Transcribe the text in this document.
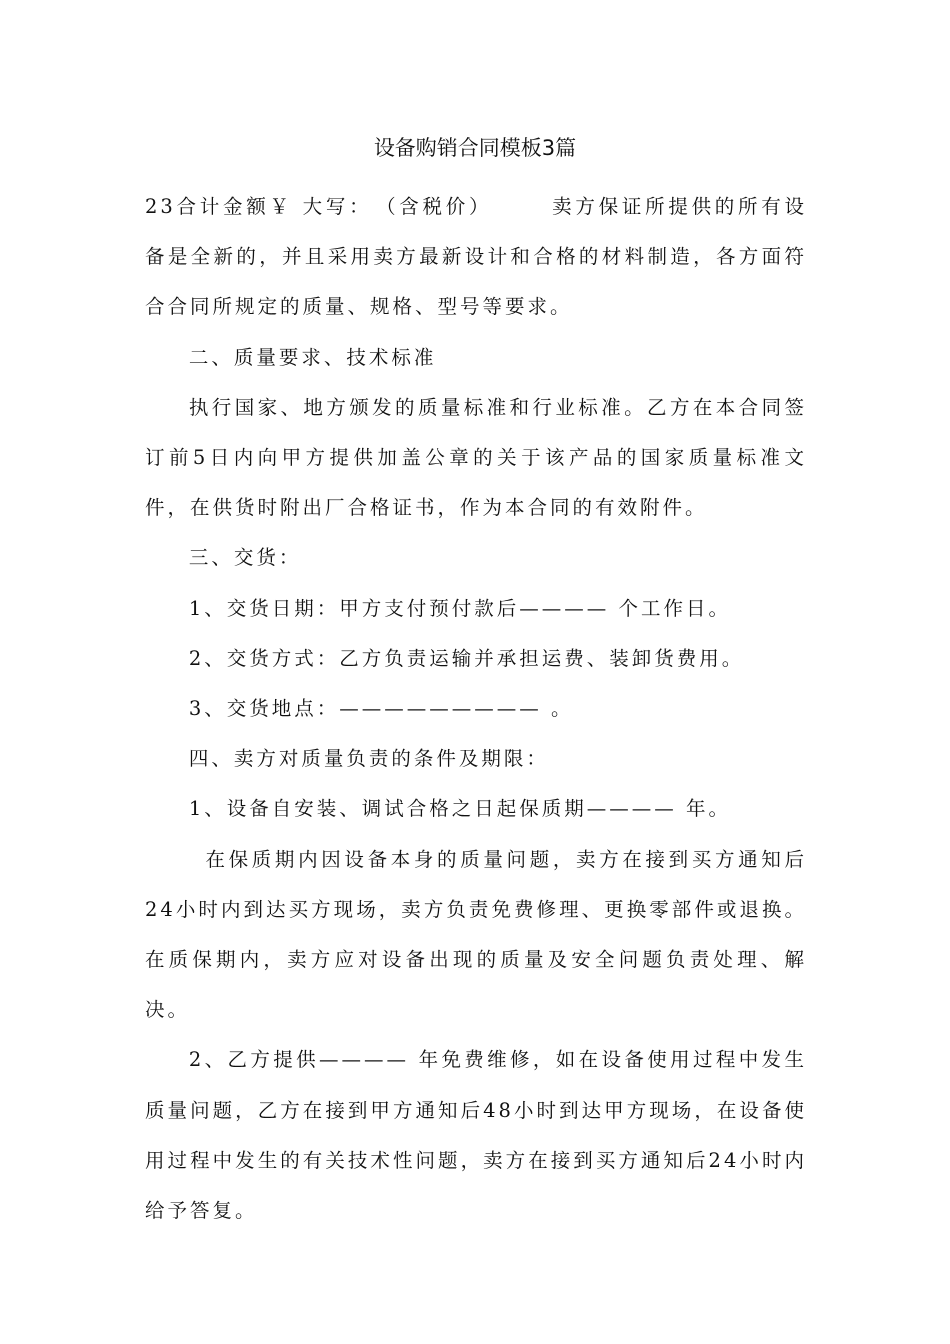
设备购销合同模板3篇

23合计金额￥ 大写：　（含税价）　　　卖方保证所提供的所有设备是全新的，并且采用卖方最新设计和合格的材料制造，各方面符合合同所规定的质量、规格、型号等要求。

二、质量要求、技术标准

执行国家、地方颁发的质量标准和行业标准。乙方在本合同签订前5日内向甲方提供加盖公章的关于该产品的国家质量标准文件，在供货时附出厂合格证书，作为本合同的有效附件。

三、交货：

1、交货日期：甲方支付预付款后———— 个工作日。

2、交货方式：乙方负责运输并承担运费、装卸货费用。

3、交货地点：————————— 。

四、卖方对质量负责的条件及期限：

1、设备自安装、调试合格之日起保质期———— 年。

在保质期内因设备本身的质量问题，卖方在接到买方通知后24小时内到达买方现场，卖方负责免费修理、更换零部件或退换。在质保期内，卖方应对设备出现的质量及安全问题负责处理、解决。

2、乙方提供———— 年免费维修，如在设备使用过程中发生质量问题，乙方在接到甲方通知后48小时到达甲方现场，在设备使用过程中发生的有关技术性问题，卖方在接到买方通知后24小时内给予答复。
